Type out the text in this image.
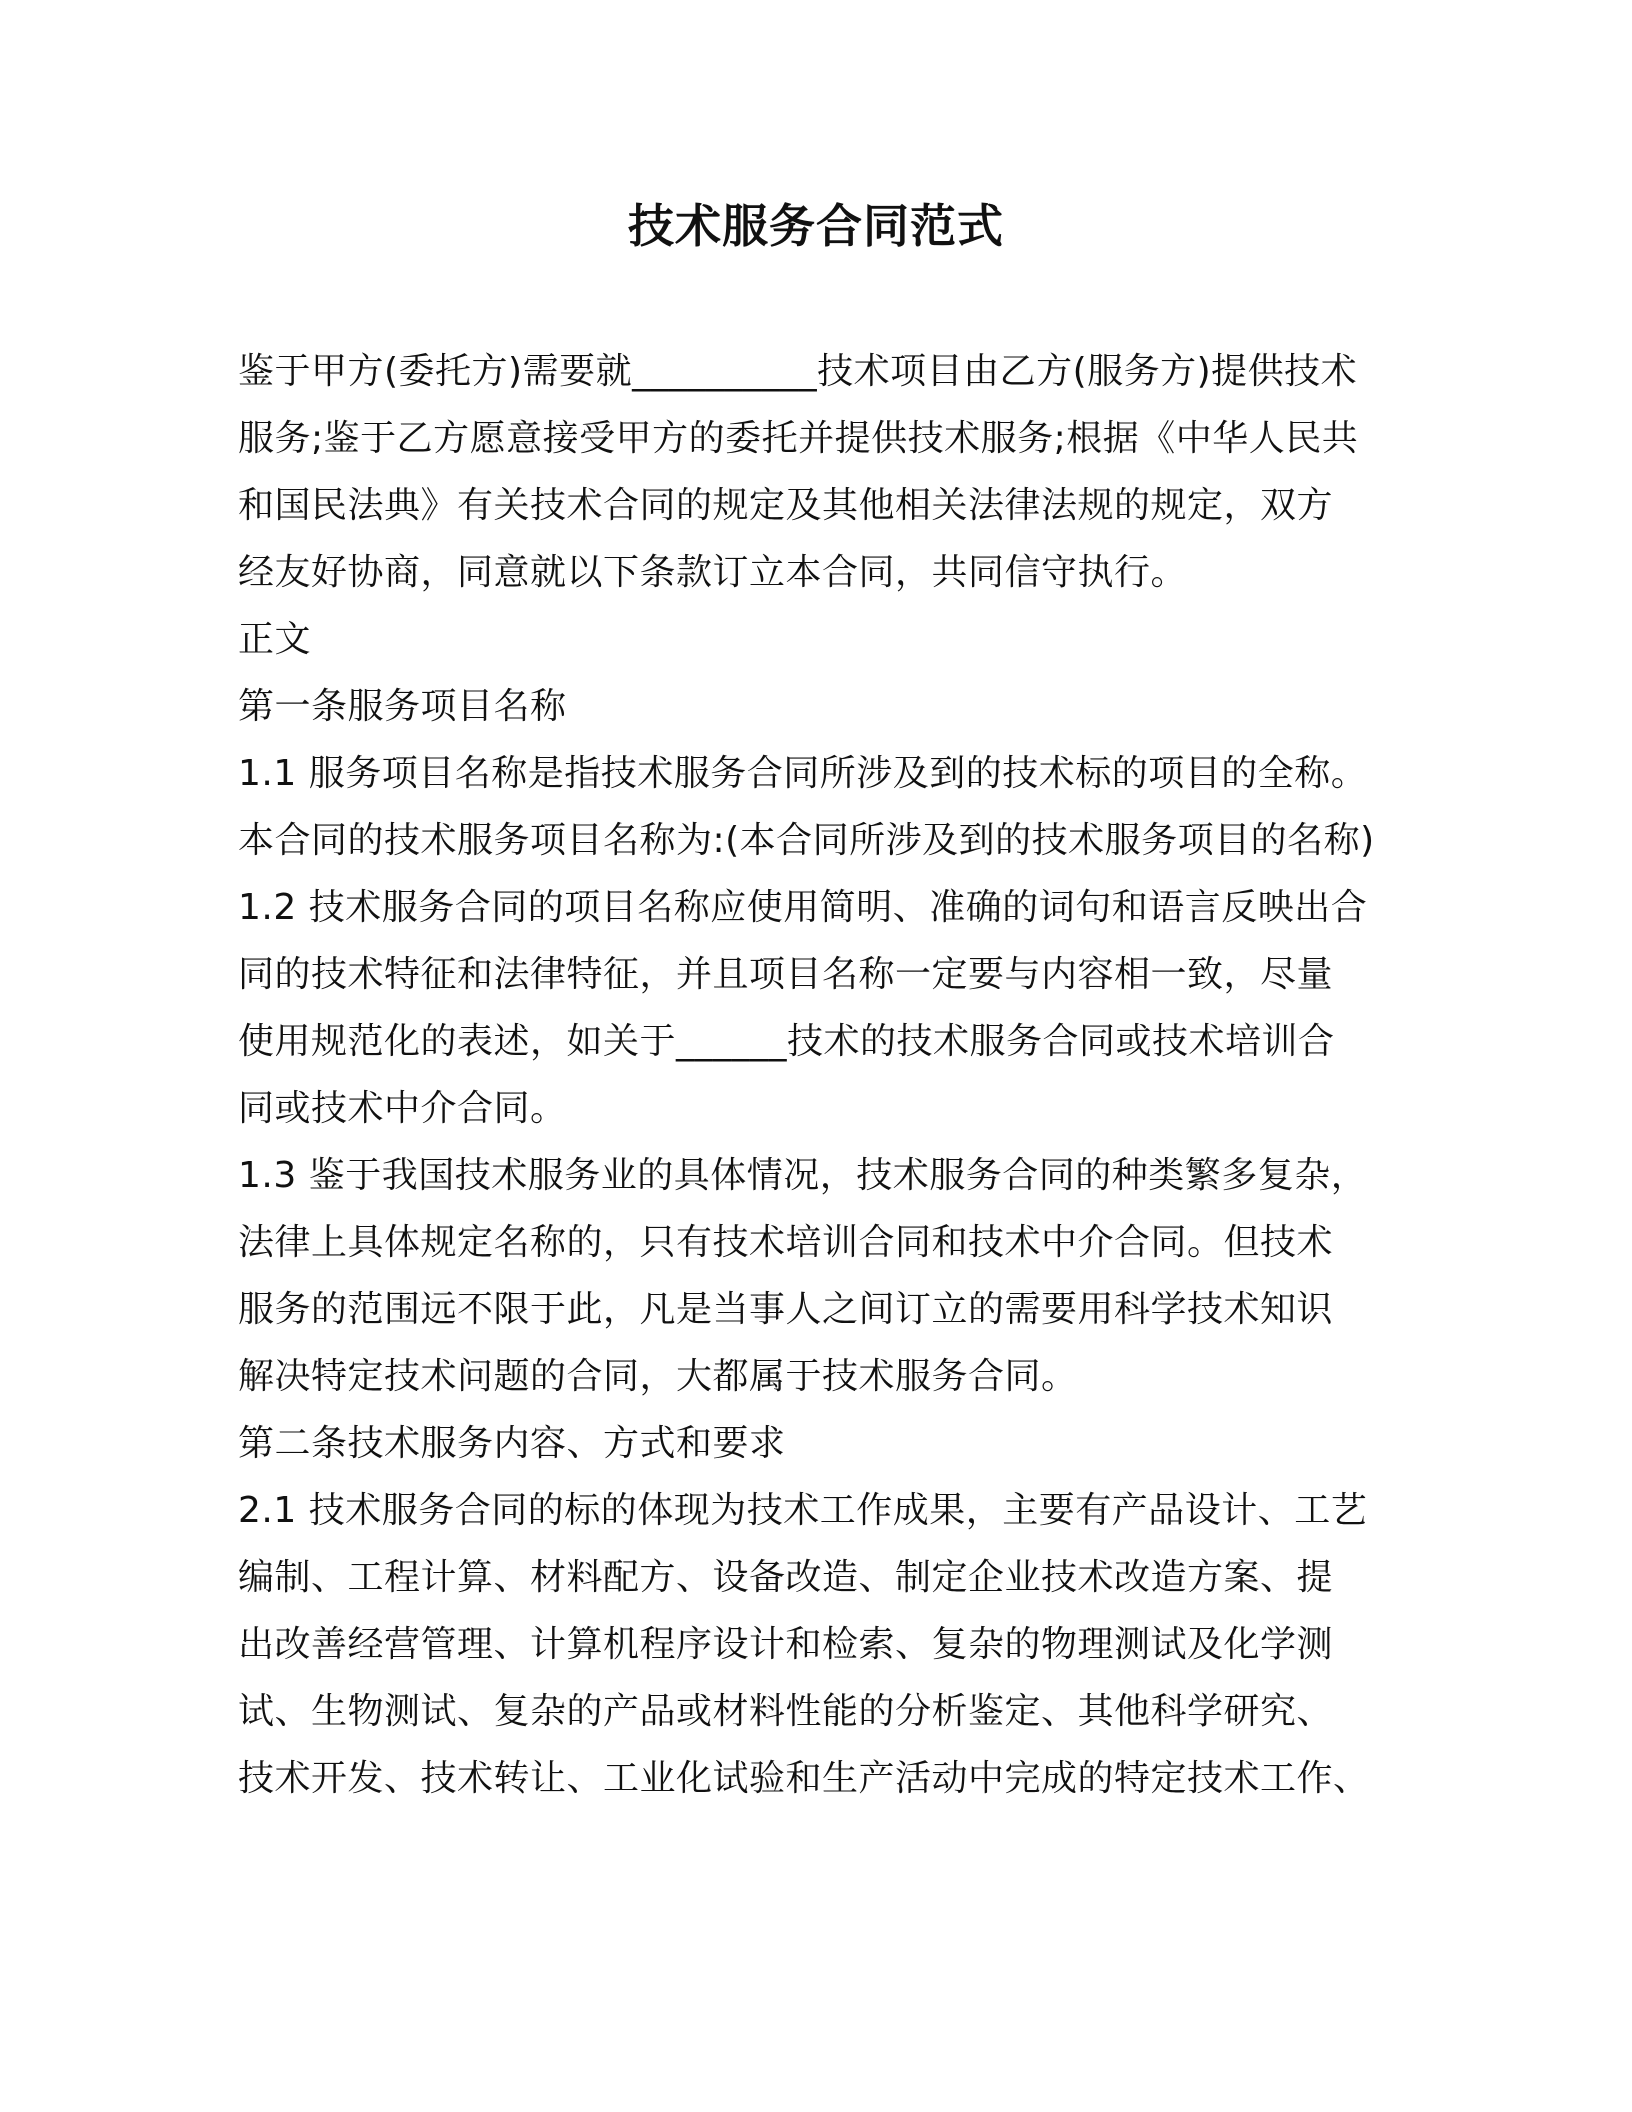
技术服务合同范式
鉴于甲方(委托方)需要就__________技术项目由乙方(服务方)提供技术
服务;鉴于乙方愿意接受甲方的委托并提供技术服务;根据《中华人民共
和国民法典》有关技术合同的规定及其他相关法律法规的规定，双方
经友好协商，同意就以下条款订立本合同，共同信守执行。
正文
第一条服务项目名称
1.1 服务项目名称是指技术服务合同所涉及到的技术标的项目的全称。
本合同的技术服务项目名称为:(本合同所涉及到的技术服务项目的名称)
1.2 技术服务合同的项目名称应使用简明、准确的词句和语言反映出合
同的技术特征和法律特征，并且项目名称一定要与内容相一致，尽量
使用规范化的表述，如关于______技术的技术服务合同或技术培训合
同或技术中介合同。
1.3 鉴于我国技术服务业的具体情况，技术服务合同的种类繁多复杂，
法律上具体规定名称的，只有技术培训合同和技术中介合同。但技术
服务的范围远不限于此，凡是当事人之间订立的需要用科学技术知识
解决特定技术问题的合同，大都属于技术服务合同。
第二条技术服务内容、方式和要求
2.1 技术服务合同的标的体现为技术工作成果，主要有产品设计、工艺
编制、工程计算、材料配方、设备改造、制定企业技术改造方案、提
出改善经营管理、计算机程序设计和检索、复杂的物理测试及化学测
试、生物测试、复杂的产品或材料性能的分析鉴定、其他科学研究、
技术开发、技术转让、工业化试验和生产活动中完成的特定技术工作、
